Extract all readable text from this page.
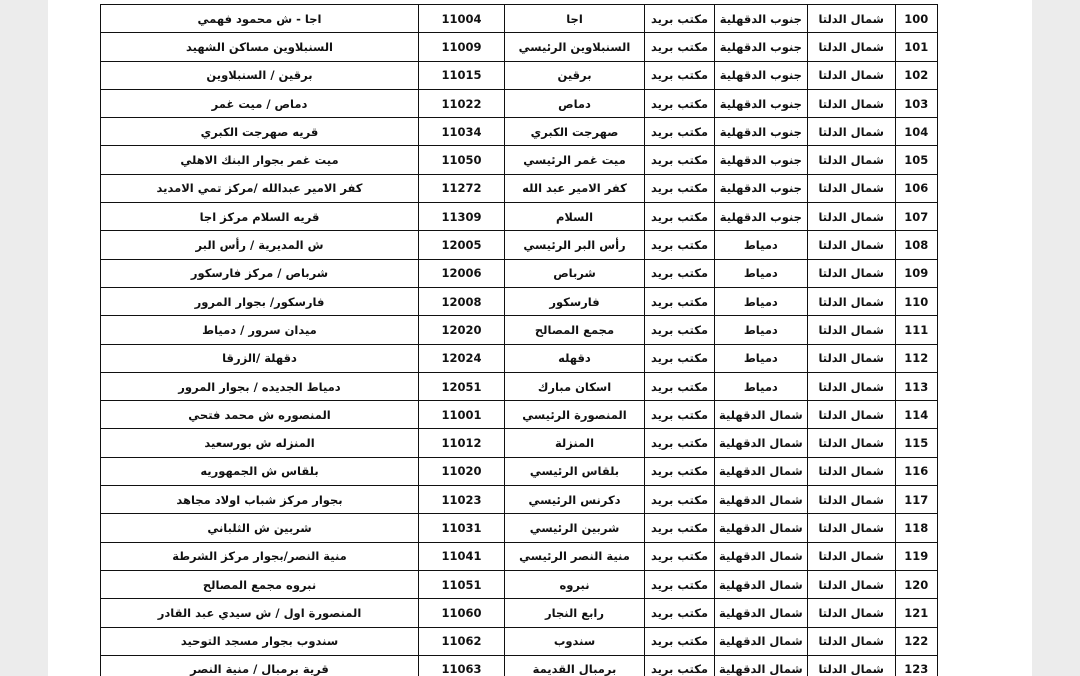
100	شمال الدلتا	جنوب الدقهلية	مكتب بريد	اجا	11004	اجا - ش محمود فهمي
101	شمال الدلتا	جنوب الدقهلية	مكتب بريد	السنبلاوين الرئيسي	11009	السنبلاوين مساكن الشهيد
102	شمال الدلتا	جنوب الدقهلية	مكتب بريد	برقين	11015	برقين / السنبلاوين
103	شمال الدلتا	جنوب الدقهلية	مكتب بريد	دماص	11022	دماص / ميت غمر
104	شمال الدلتا	جنوب الدقهلية	مكتب بريد	صهرجت الكبري	11034	قريه صهرجت الكبري
105	شمال الدلتا	جنوب الدقهلية	مكتب بريد	ميت غمر الرئيسي	11050	ميت غمر بجوار البنك الاهلي
106	شمال الدلتا	جنوب الدقهلية	مكتب بريد	كفر الامير عبد الله	11272	كفر الامير عبدالله /مركز تمي الامديد
107	شمال الدلتا	جنوب الدقهلية	مكتب بريد	السلام	11309	قريه السلام مركز اجا
108	شمال الدلتا	دمياط	مكتب بريد	رأس البر الرئيسي	12005	ش المديرية / رأس البر
109	شمال الدلتا	دمياط	مكتب بريد	شرباص	12006	شرباص / مركز فارسكور
110	شمال الدلتا	دمياط	مكتب بريد	فارسكور	12008	فارسكور/ بجوار المرور
111	شمال الدلتا	دمياط	مكتب بريد	مجمع المصالح	12020	ميدان سرور / دمياط
112	شمال الدلتا	دمياط	مكتب بريد	دقهله	12024	دقهلة /الزرقا
113	شمال الدلتا	دمياط	مكتب بريد	اسكان مبارك	12051	دمياط الجديده / بجوار المرور
114	شمال الدلتا	شمال الدقهلية	مكتب بريد	المنصورة الرئيسي	11001	المنصوره ش محمد فتحي
115	شمال الدلتا	شمال الدقهلية	مكتب بريد	المنزلة	11012	المنزله ش بورسعيد
116	شمال الدلتا	شمال الدقهلية	مكتب بريد	بلقاس الرئيسي	11020	بلقاس ش الجمهوريه
117	شمال الدلتا	شمال الدقهلية	مكتب بريد	دكرنس الرئيسي	11023	بجوار مركز شباب اولاد مجاهد
118	شمال الدلتا	شمال الدقهلية	مكتب بريد	شربين الرئيسي	11031	شربين ش الثلباني
119	شمال الدلتا	شمال الدقهلية	مكتب بريد	منية النصر الرئيسي	11041	منية النصر/بجوار مركز الشرطة
120	شمال الدلتا	شمال الدقهلية	مكتب بريد	نبروه	11051	نبروه مجمع المصالح
121	شمال الدلتا	شمال الدقهلية	مكتب بريد	رابع النجار	11060	المنصورة اول / ش سيدي عبد القادر
122	شمال الدلتا	شمال الدقهلية	مكتب بريد	سندوب	11062	سندوب بجوار مسجد التوحيد
123	شمال الدلتا	شمال الدقهلية	مكتب بريد	برمبال القديمة	11063	قرية برمبال / منية النصر
